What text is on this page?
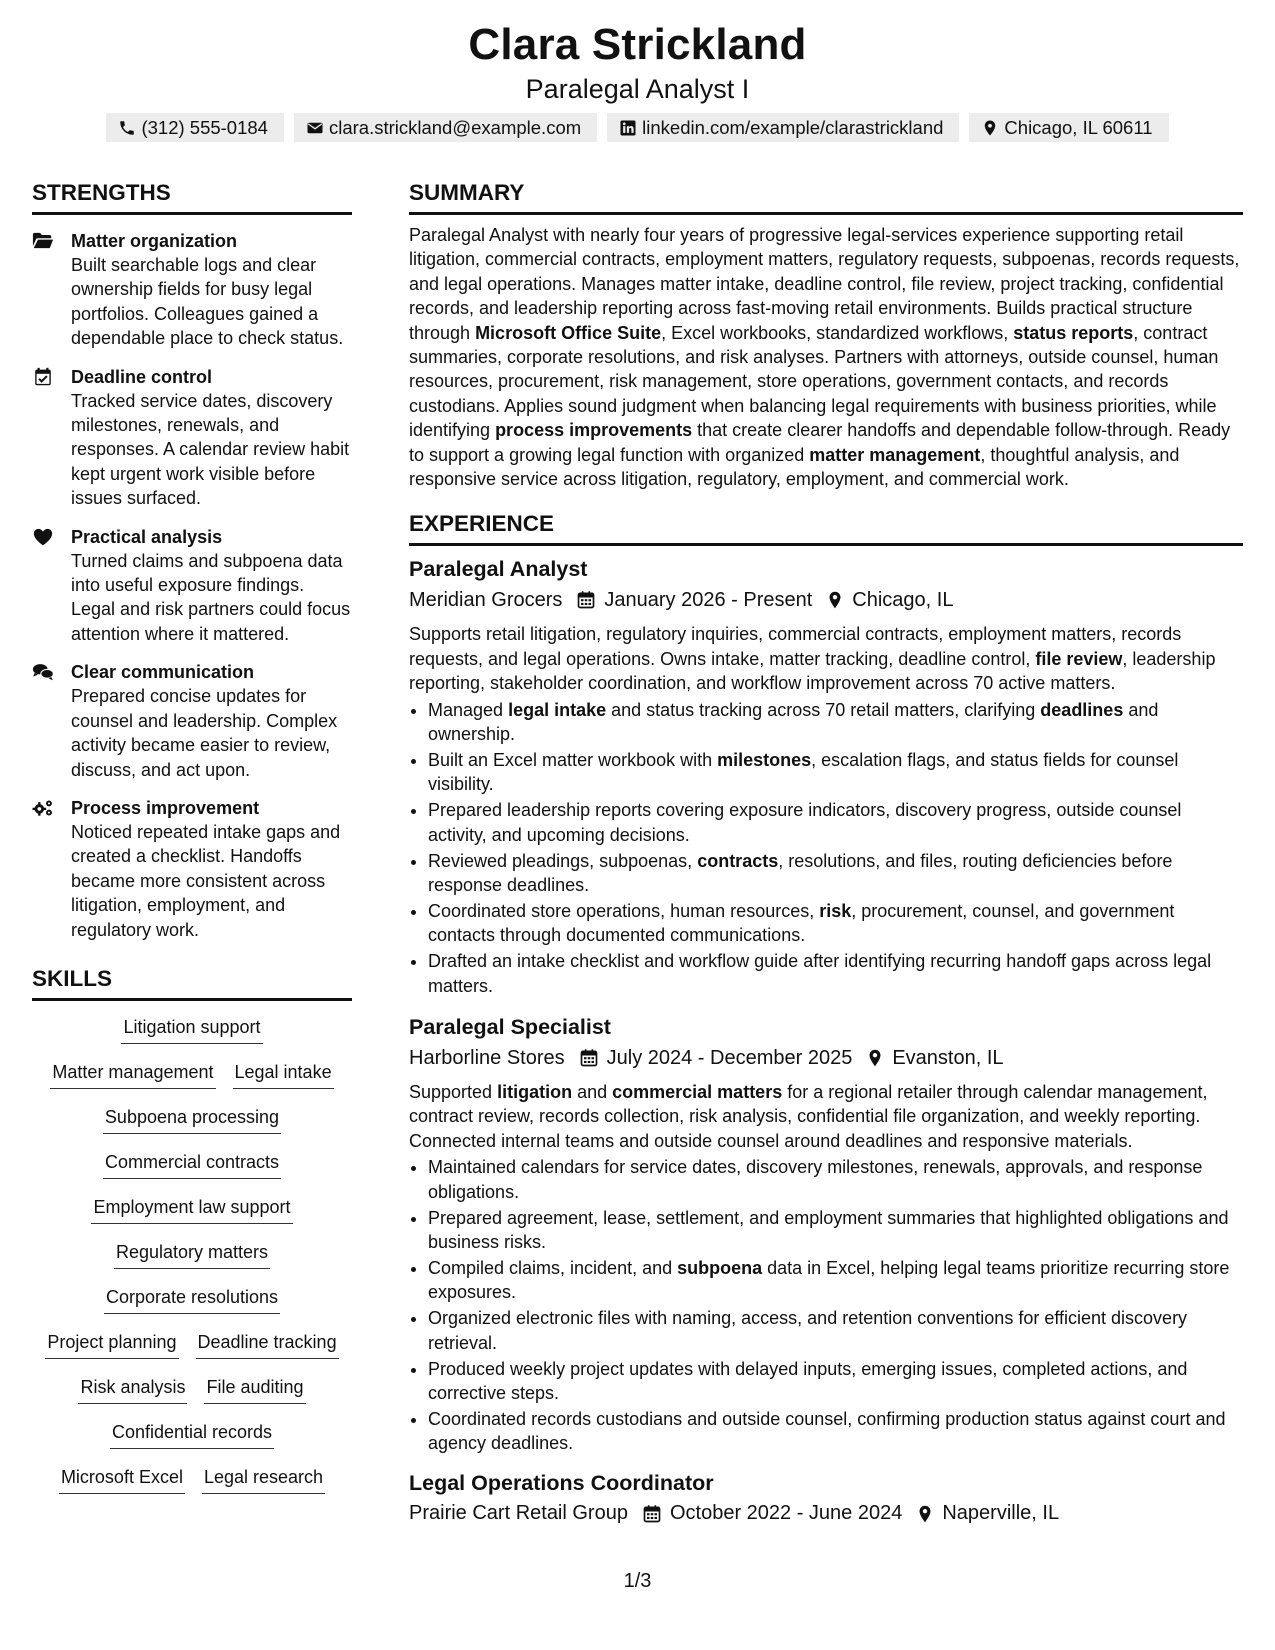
Clara Strickland
Paralegal Analyst I
(312) 555-0184	clara.strickland@example.com	linkedin.com/example/clarastrickland	Chicago, IL 60611
STRENGTHS
Matter organization
Built searchable logs and clear ownership fields for busy legal portfolios. Colleagues gained a dependable place to check status.
Deadline control
Tracked service dates, discovery milestones, renewals, and responses. A calendar review habit kept urgent work visible before issues surfaced.
Practical analysis
Turned claims and subpoena data into useful exposure findings. Legal and risk partners could focus attention where it mattered.
Clear communication
Prepared concise updates for counsel and leadership. Complex activity became easier to review, discuss, and act upon.
Process improvement
Noticed repeated intake gaps and created a checklist. Handoffs became more consistent across litigation, employment, and regulatory work.
SKILLS
Litigation support
Matter management Legal intake
Subpoena processing
Commercial contracts
Employment law support
Regulatory matters
Corporate resolutions
Project planning Deadline tracking
Risk analysis File auditing
Confidential records
Microsoft Excel Legal research
SUMMARY
Paralegal Analyst with nearly four years of progressive legal-services experience supporting retail litigation, commercial contracts, employment matters, regulatory requests, subpoenas, records requests, and legal operations. Manages matter intake, deadline control, file review, project tracking, confidential records, and leadership reporting across fast-moving retail environments. Builds practical structure through Microsoft Office Suite, Excel workbooks, standardized workflows, status reports, contract summaries, corporate resolutions, and risk analyses. Partners with attorneys, outside counsel, human resources, procurement, risk management, store operations, government contacts, and records custodians. Applies sound judgment when balancing legal requirements with business priorities, while identifying process improvements that create clearer handoffs and dependable follow-through. Ready to support a growing legal function with organized matter management, thoughtful analysis, and responsive service across litigation, regulatory, employment, and commercial work.
EXPERIENCE
Paralegal Analyst
Meridian Grocers January 2026 - Present Chicago, IL
Supports retail litigation, regulatory inquiries, commercial contracts, employment matters, records requests, and legal operations. Owns intake, matter tracking, deadline control, file review, leadership reporting, stakeholder coordination, and workflow improvement across 70 active matters.
• Managed legal intake and status tracking across 70 retail matters, clarifying deadlines and ownership.
• Built an Excel matter workbook with milestones, escalation flags, and status fields for counsel visibility.
• Prepared leadership reports covering exposure indicators, discovery progress, outside counsel activity, and upcoming decisions.
• Reviewed pleadings, subpoenas, contracts, resolutions, and files, routing deficiencies before response deadlines.
• Coordinated store operations, human resources, risk, procurement, counsel, and government contacts through documented communications.
• Drafted an intake checklist and workflow guide after identifying recurring handoff gaps across legal matters.
Paralegal Specialist
Harborline Stores July 2024 - December 2025 Evanston, IL
Supported litigation and commercial matters for a regional retailer through calendar management, contract review, records collection, risk analysis, confidential file organization, and weekly reporting. Connected internal teams and outside counsel around deadlines and responsive materials.
• Maintained calendars for service dates, discovery milestones, renewals, approvals, and response obligations.
• Prepared agreement, lease, settlement, and employment summaries that highlighted obligations and business risks.
• Compiled claims, incident, and subpoena data in Excel, helping legal teams prioritize recurring store exposures.
• Organized electronic files with naming, access, and retention conventions for efficient discovery retrieval.
• Produced weekly project updates with delayed inputs, emerging issues, completed actions, and corrective steps.
• Coordinated records custodians and outside counsel, confirming production status against court and agency deadlines.
Legal Operations Coordinator
Prairie Cart Retail Group October 2022 - June 2024 Naperville, IL
1/3
